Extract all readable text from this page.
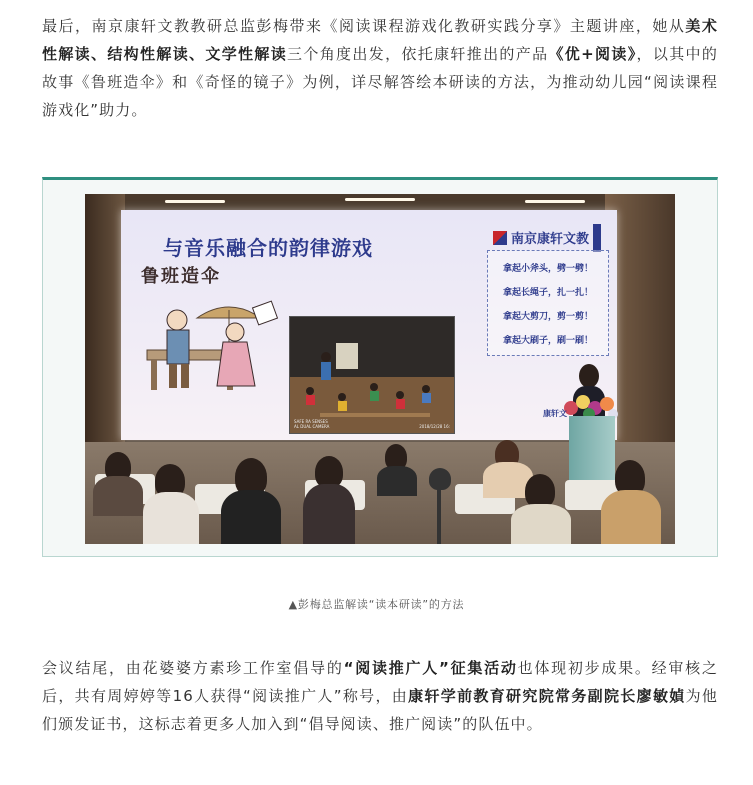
最后，南京康轩文教教研总监彭梅带来《阅读课程游戏化教研实践分享》主题讲座，她从美术性解读、结构性解读、文学性解读三个角度出发，依托康轩推出的产品《优+阅读》，以其中的故事《鲁班造伞》和《奇怪的镜子》为例，详尽解答绘本研读的方法，为推动幼儿园“阅读课程游戏化”助力。

与音乐融合的韵律游戏	南京康轩文教
鲁班造伞
SAFE RA SENSES
AL DUAL CAMERA	2018/12/28 16:
拿起小斧头，劈一劈！
拿起长绳子，扎一扎！
拿起大剪刀，剪一剪！
拿起大刷子，刷一刷！
康轩文
▲彭梅总监解读“读本研读”的方法

会议结尾，由花婆婆方素珍工作室倡导的“阅读推广人”征集活动也体现初步成果。经审核之后，共有周婷婷等16人获得“阅读推广人”称号，由康轩学前教育研究院常务副院长廖敏媜为他们颁发证书，这标志着更多人加入到“倡导阅读、推广阅读”的队伍中。
